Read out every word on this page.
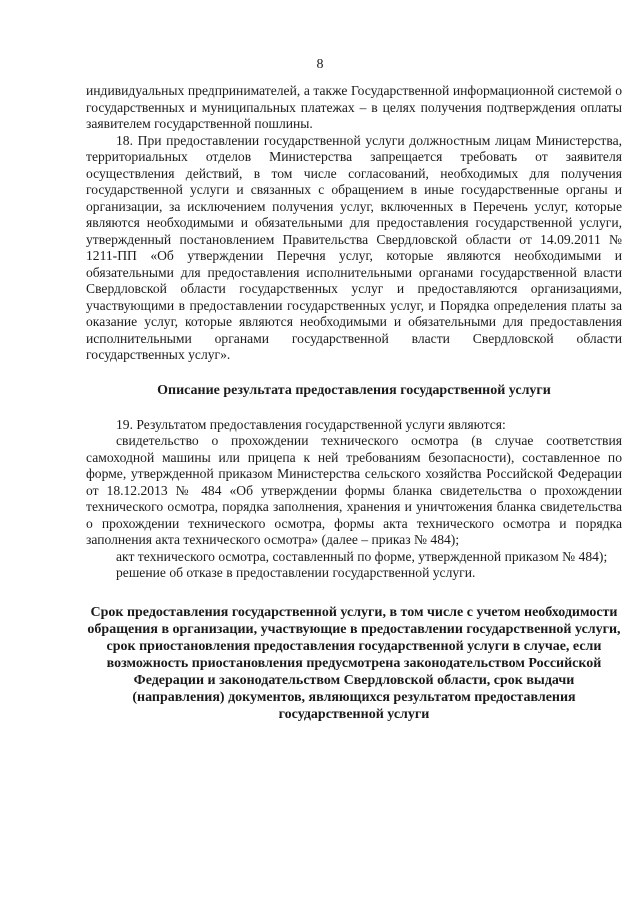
8

индивидуальных предпринимателей, а также Государственной информационной системой о государственных и муниципальных платежах – в целях получения подтверждения оплаты заявителем государственной пошлины.

18. При предоставлении государственной услуги должностным лицам Министерства, территориальных отделов Министерства запрещается требовать от заявителя осуществления действий, в том числе согласований, необходимых для получения государственной услуги и связанных с обращением в иные государственные органы и организации, за исключением получения услуг, включенных в Перечень услуг, которые являются необходимыми и обязательными для предоставления государственной услуги, утвержденный постановлением Правительства Свердловской области от 14.09.2011 № 1211-ПП «Об утверждении Перечня услуг, которые являются необходимыми и обязательными для предоставления исполнительными органами государственной власти Свердловской области государственных услуг и предоставляются организациями, участвующими в предоставлении государственных услуг, и Порядка определения платы за оказание услуг, которые являются необходимыми и обязательными для предоставления исполнительными органами государственной власти Свердловской области государственных услуг».

Описание результата предоставления государственной услуги

19. Результатом предоставления государственной услуги являются:

свидетельство о прохождении технического осмотра (в случае соответствия самоходной машины или прицепа к ней требованиям безопасности), составленное по форме, утвержденной приказом Министерства сельского хозяйства Российской Федерации от 18.12.2013 № 484 «Об утверждении формы бланка свидетельства о прохождении технического осмотра, порядка заполнения, хранения и уничтожения бланка свидетельства о прохождении технического осмотра, формы акта технического осмотра и порядка заполнения акта технического осмотра» (далее – приказ № 484);

акт технического осмотра, составленный по форме, утвержденной приказом № 484);

решение об отказе в предоставлении государственной услуги.

Срок предоставления государственной услуги, в том числе с учетом необходимости обращения в организации, участвующие в предоставлении государственной услуги, срок приостановления предоставления государственной услуги в случае, если возможность приостановления предусмотрена законодательством Российской Федерации и законодательством Свердловской области, срок выдачи (направления) документов, являющихся результатом предоставления государственной услуги
